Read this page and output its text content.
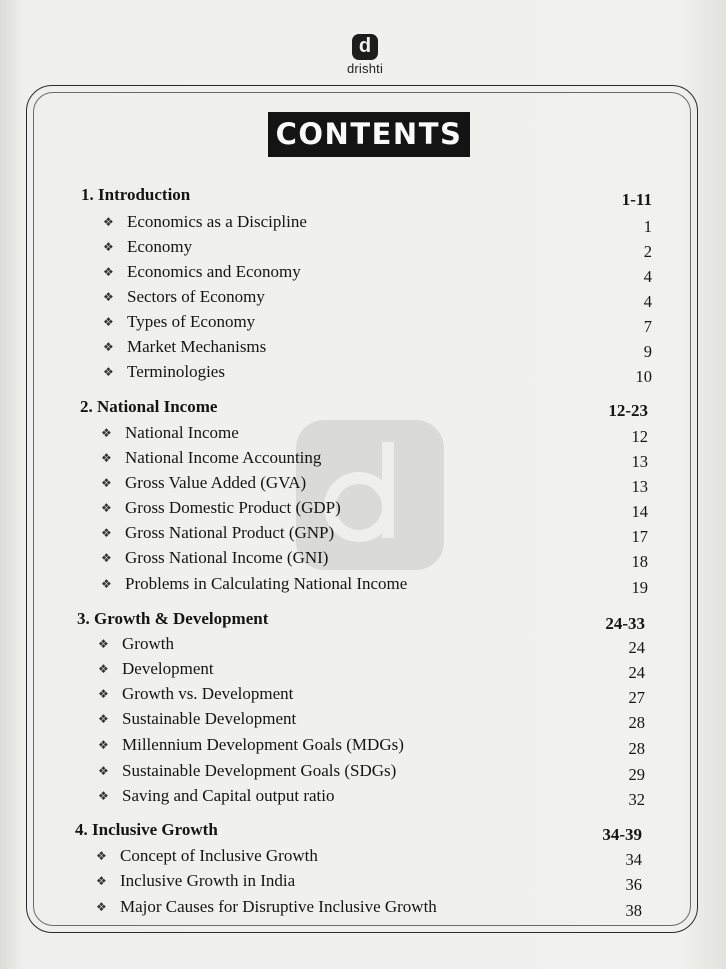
d
drishti
CONTENTS
1. Introduction	1-11
❖ Economics as a Discipline	1
❖ Economy	2
❖ Economics and Economy	4
❖ Sectors of Economy	4
❖ Types of Economy	7
❖ Market Mechanisms	9
❖ Terminologies	10
2. National Income	12-23
❖ National Income	12
❖ National Income Accounting	13
❖ Gross Value Added (GVA)	13
❖ Gross Domestic Product (GDP)	14
❖ Gross National Product (GNP)	17
❖ Gross National Income (GNI)	18
❖ Problems in Calculating National Income	19
3. Growth & Development	24-33
❖ Growth	24
❖ Development	24
❖ Growth vs. Development	27
❖ Sustainable Development	28
❖ Millennium Development Goals (MDGs)	28
❖ Sustainable Development Goals (SDGs)	29
❖ Saving and Capital output ratio	32
4. Inclusive Growth	34-39
❖ Concept of Inclusive Growth	34
❖ Inclusive Growth in India	36
❖ Major Causes for Disruptive Inclusive Growth	38
